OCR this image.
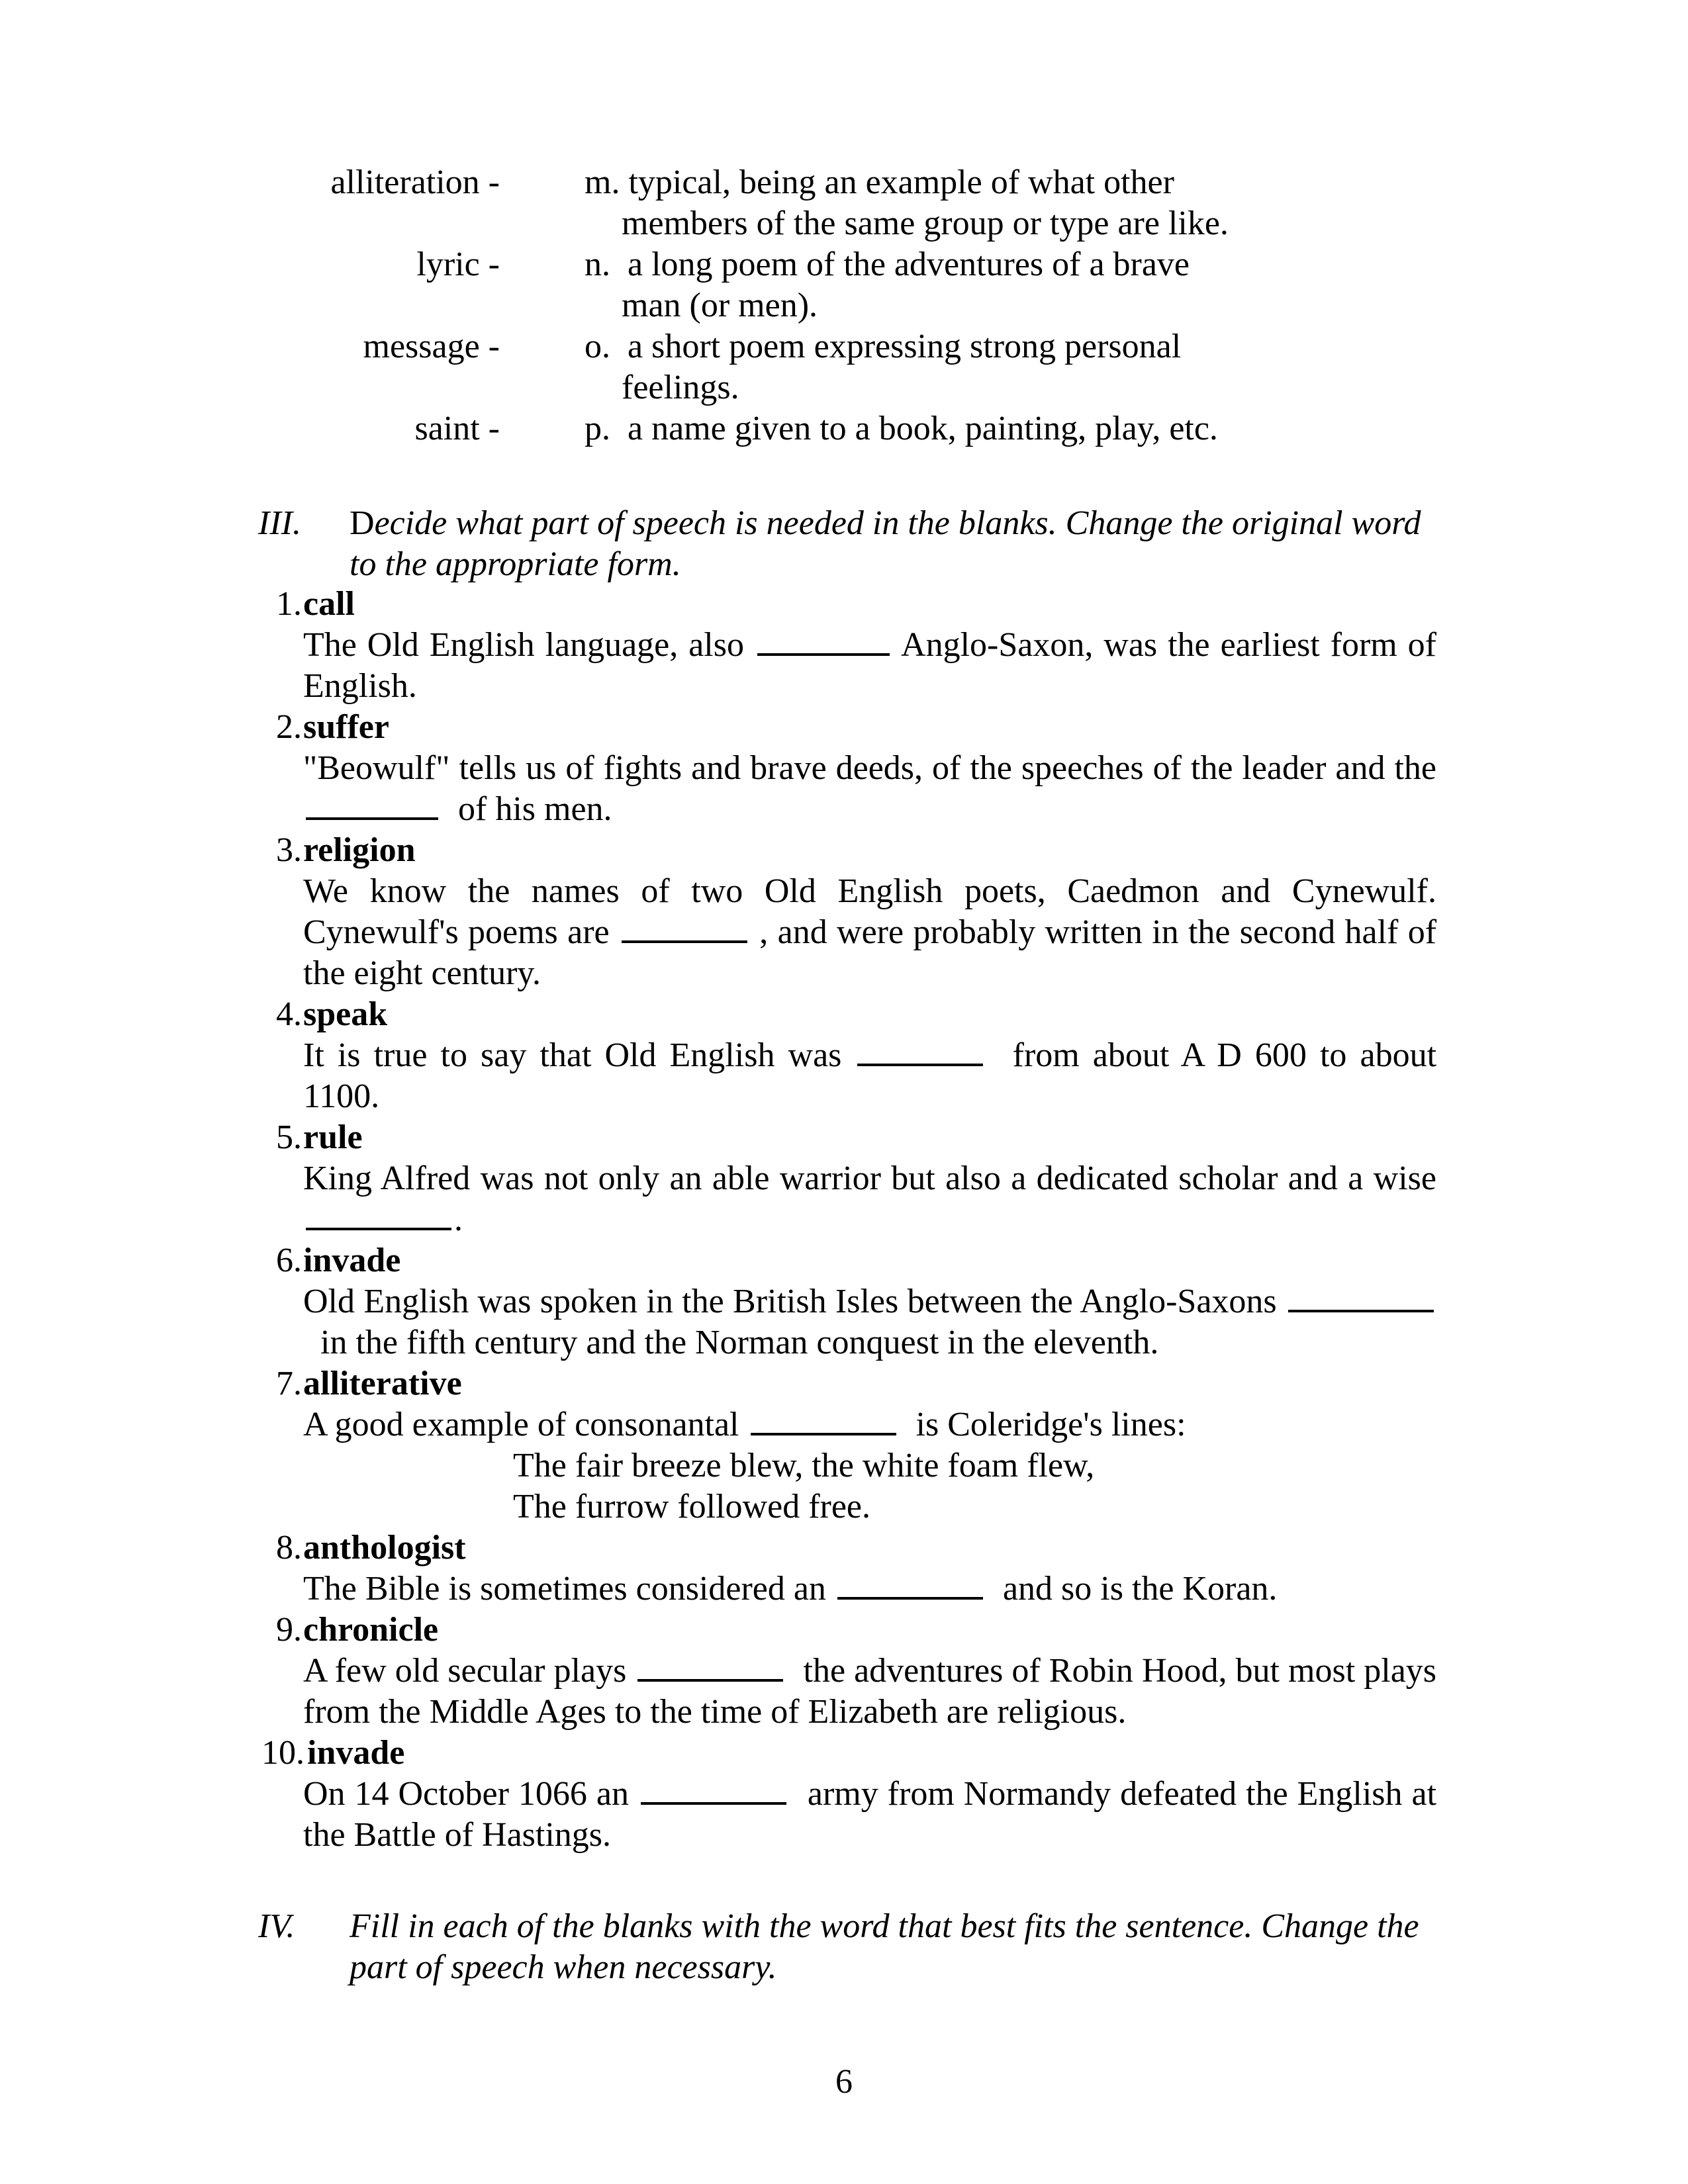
alliteration - m. typical, being an example of what other
members of the same group or type are like.
lyric - n. a long poem of the adventures of a brave
man (or men).
message - o. a short poem expressing strong personal
feelings.
saint - p. a name given to a book, painting, play, etc.
III. Decide what part of speech is needed in the blanks. Change the original word to the appropriate form.
1. call
The Old English language, also	Anglo-Saxon, was the earliest form of English.
2. suffer
"Beowulf" tells us of fights and brave deeds, of the speeches of the leader and the   of his men.
3. religion
We know the names of two Old English poets, Caedmon and Cynewulf. Cynewulf's poems are	, and were probably written in the second half of the eight century.
4. speak
It is true to say that Old English was	from about A D 600 to about 1100.
5. rule
King Alfred was not only an able warrior but also a dedicated scholar and a wise .
6. invade
Old English was spoken in the British Isles between the Anglo-Saxons   in the fifth century and the Norman conquest in the eleventh.
7. alliterative
A good example of consonantal	is Coleridge's lines:
The fair breeze blew, the white foam flew,
The furrow followed free.
8. anthologist
The Bible is sometimes considered an	and so is the Koran.
9. chronicle
A few old secular plays	the adventures of Robin Hood, but most plays from the Middle Ages to the time of Elizabeth are religious.
10. invade
On 14 October 1066 an	army from Normandy defeated the English at the Battle of Hastings.
IV. Fill in each of the blanks with the word that best fits the sentence. Change the part of speech when necessary.
6
